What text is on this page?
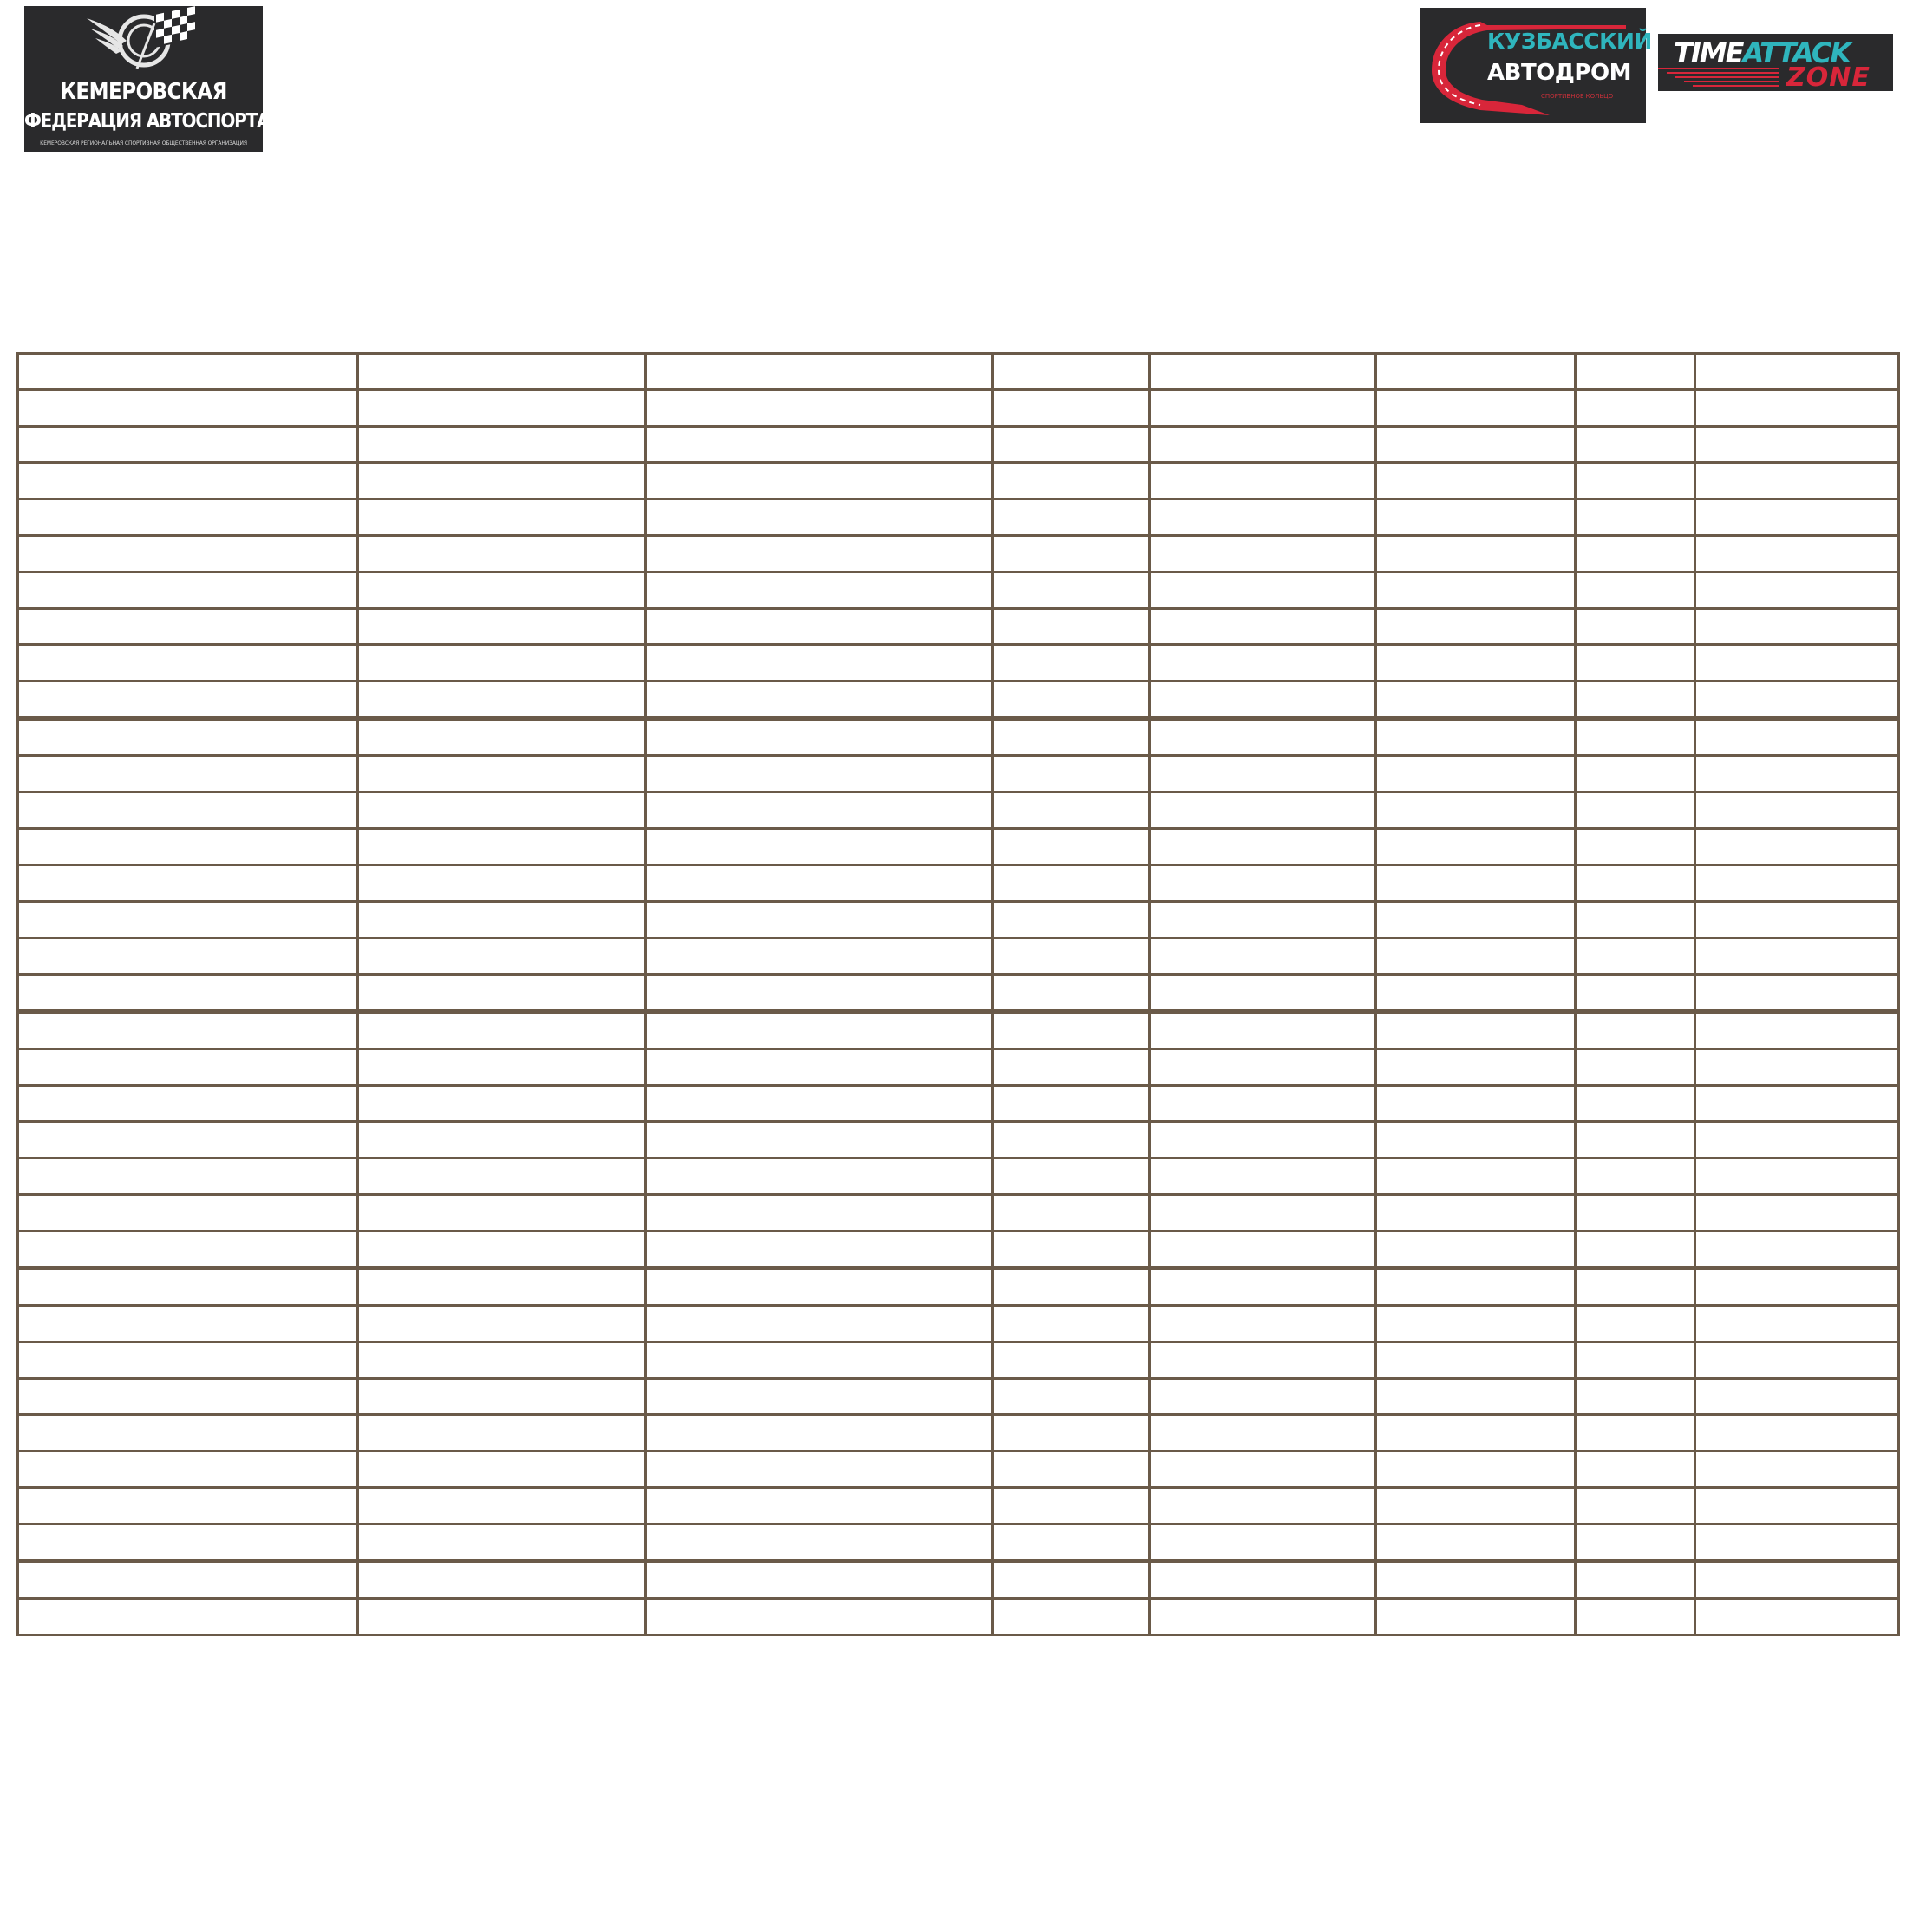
КЕМЕРОВСКАЯ
ФЕДЕРАЦИЯ АВТОСПОРТА
КЕМЕРОВСКАЯ РЕГИОНАЛЬНАЯ СПОРТИВНАЯ ОБЩЕСТВЕННАЯ ОРГАНИЗАЦИЯ
КУЗБАССКИЙ
АВТОДРОМ
СПОРТИВНОЕ КОЛЬЦО
TIMEATTACK
ZONE
